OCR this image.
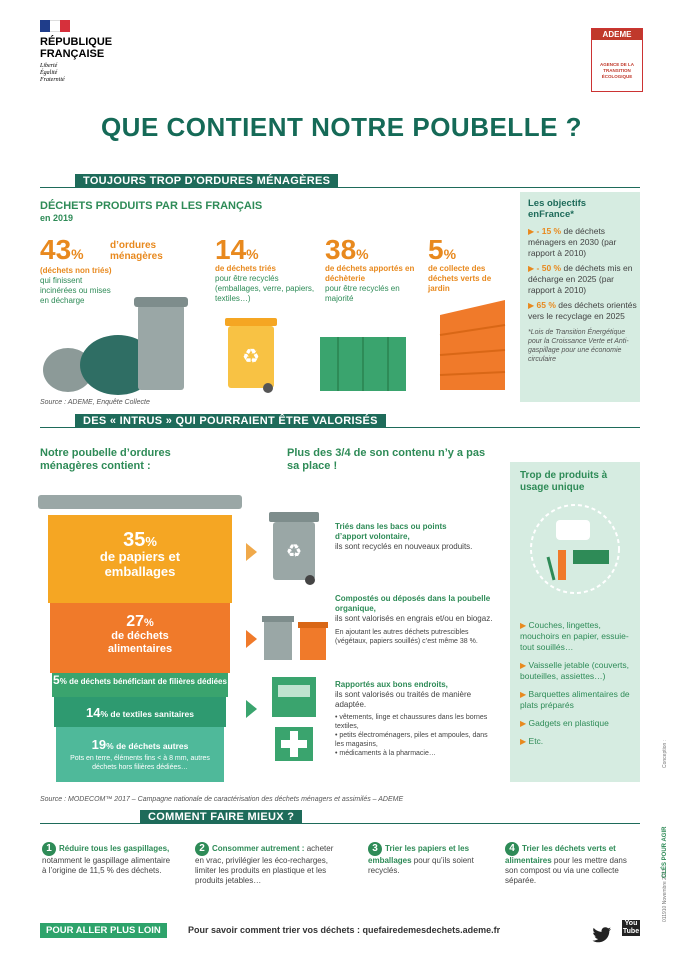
RÉPUBLIQUE
FRANÇAISE
Liberté
Égalité
Fraternité
ADEME
AGENCE DE LA TRANSITION ÉCOLOGIQUE
QUE CONTIENT NOTRE POUBELLE ?
TOUJOURS TROP D’ORDURES MÉNAGÈRES
DÉCHETS PRODUITS PAR LES FRANÇAIS
en 2019
43%
d’ordures ménagères
(déchets non triés)
qui finissent incinérées ou mises en décharge
14%
de déchets triés
pour être recyclés (emballages, verre, papiers, textiles…)
♻
38%
de déchets apportés en déchèterie
pour être recyclés en majorité
5%
de collecte des déchets verts de jardin
Source : ADEME, Enquête Collecte
Les objectifs enFrance*
▶ - 15 % de déchets ménagers en 2030 (par rapport à 2010)
▶ - 50 % de déchets mis en décharge en 2025 (par rapport à 2010)
▶ 65 % des déchets orientés vers le recyclage en 2025
*Lois de Transition Énergétique pour la Croissance Verte et Anti-gaspillage pour une économie circulaire
DES « INTRUS » QUI POURRAIENT ÊTRE VALORISÉS
Notre poubelle d’ordures ménagères contient :
Plus des 3/4 de son contenu n’y a pas sa place !
35%
de papiers et emballages
27%
de déchets alimentaires
5% de déchets bénéficiant de filières dédiées
14% de textiles sanitaires
19% de déchets autres
Pots en terre, éléments fins < à 8 mm, autres déchets hors filières dédiées…
♻
Triés dans les bacs ou points d’apport volontaire,
ils sont recyclés en nouveaux produits.
Compostés ou déposés dans la poubelle organique,
ils sont valorisés en engrais et/ou en biogaz.
En ajoutant les autres déchets putrescibles (végétaux, papiers souillés) c’est même 38 %.
Rapportés aux bons endroits,
ils sont valorisés ou traités de manière adaptée.
• vêtements, linge et chaussures dans les bornes textiles,
• petits électroménagers, piles et ampoules, dans les magasins,
• médicaments à la pharmacie…
Trop de produits à usage unique
▶ Couches, lingettes, mouchoirs en papier, essuie-tout souillés…
▶ Vaisselle jetable (couverts, bouteilles, assiettes…)
▶ Barquettes alimentaires de plats préparés
▶ Gadgets en plastique
▶ Etc.
Source : MODECOM™ 2017 – Campagne nationale de caractérisation des déchets ménagers et assimilés – ADEME
COMMENT FAIRE MIEUX ?
1 Réduire tous les gaspillages, notamment le gaspillage alimentaire à l’origine de 11,5 % des déchets.
2 Consommer autrement : acheter en vrac, privilégier les éco-recharges, limiter les produits en plastique et les produits jetables…
3 Trier les papiers et les emballages pour qu’ils soient recyclés.
4 Trier les déchets verts et alimentaires pour les mettre dans son compost ou via une collecte séparée.
POUR ALLER PLUS LOIN	Pour savoir comment trier vos déchets : quefairedemesdechets.ademe.fr
You
Tube
011910 Novembre 2023
Conception :
CLÉS POUR AGIR
